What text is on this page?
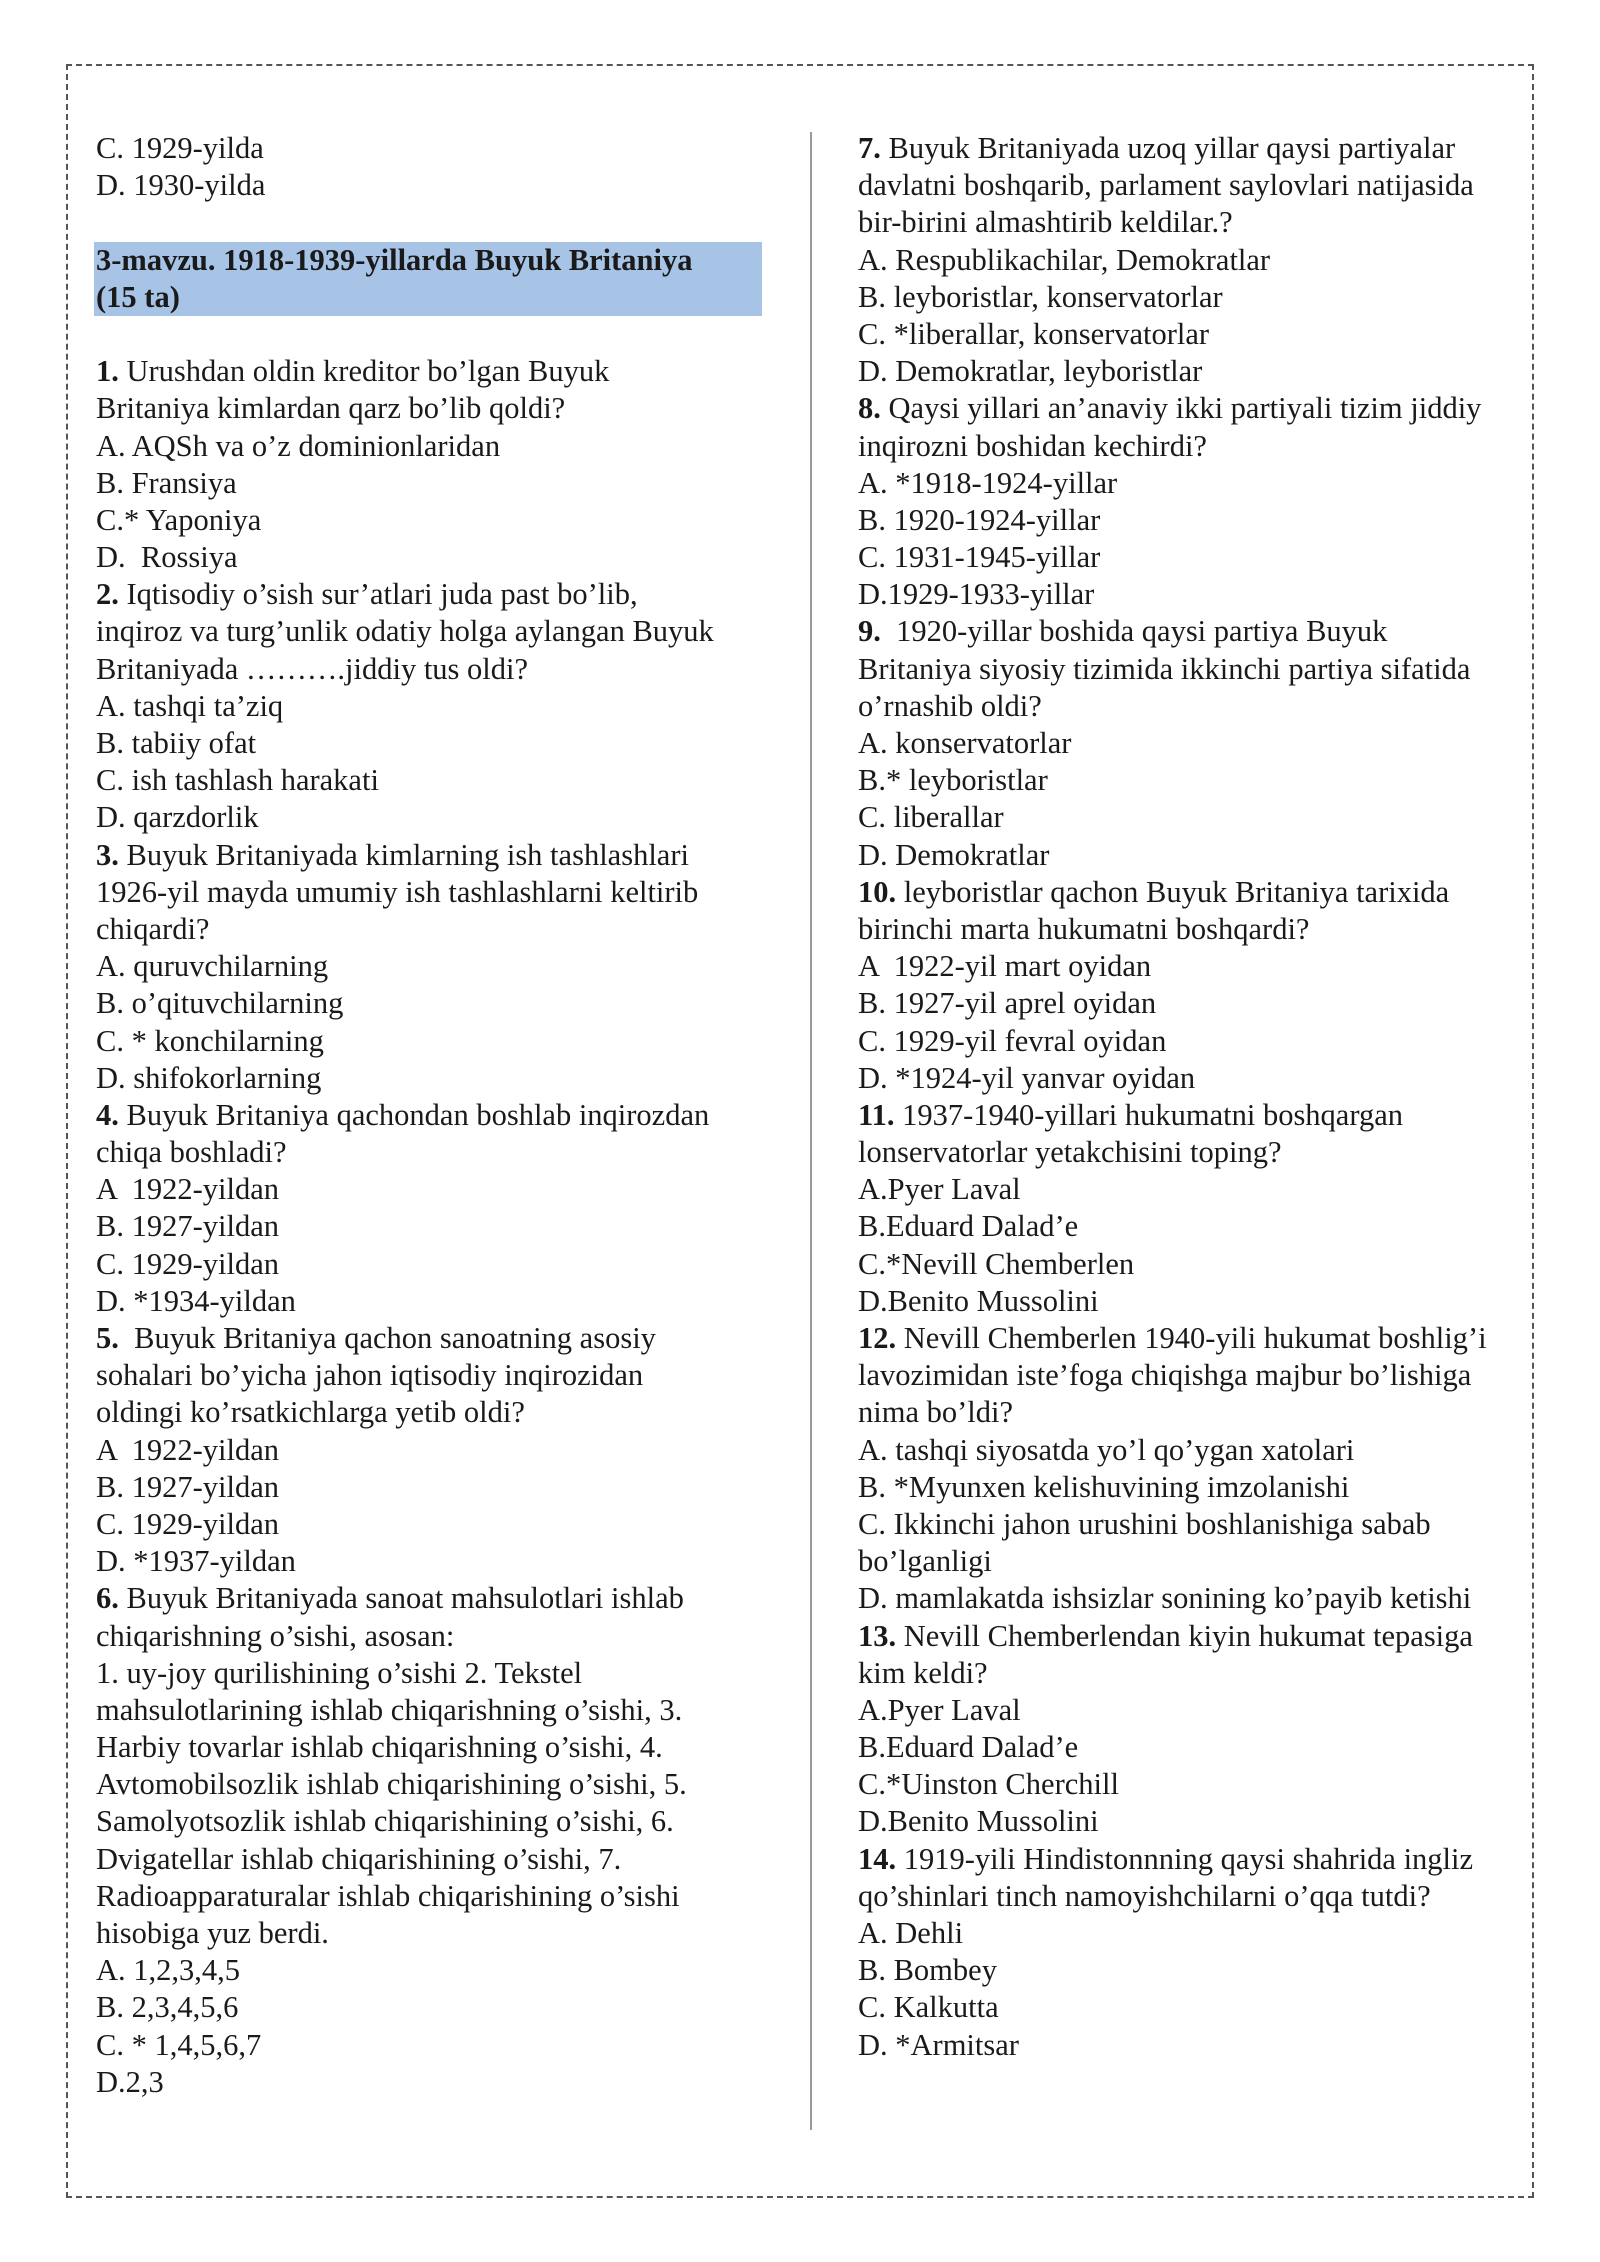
C. 1929-yilda
D. 1930-yilda
3-mavzu. 1918-1939-yillarda Buyuk Britaniya
(15 ta)
1. Urushdan oldin kreditor bo’lgan Buyuk
Britaniya kimlardan qarz bo’lib qoldi?
A. AQSh va o’z dominionlaridan
B. Fransiya
C.* Yaponiya
D.  Rossiya
2. Iqtisodiy o’sish sur’atlari juda past bo’lib,
inqiroz va turg’unlik odatiy holga aylangan Buyuk
Britaniyada ……….jiddiy tus oldi?
A. tashqi ta’ziq
B. tabiiy ofat
C. ish tashlash harakati
D. qarzdorlik
3. Buyuk Britaniyada kimlarning ish tashlashlari
1926-yil mayda umumiy ish tashlashlarni keltirib
chiqardi?
A. quruvchilarning
B. o’qituvchilarning
C. * konchilarning
D. shifokorlarning
4. Buyuk Britaniya qachondan boshlab inqirozdan
chiqa boshladi?
A  1922-yildan
B. 1927-yildan
C. 1929-yildan
D. *1934-yildan
5.  Buyuk Britaniya qachon sanoatning asosiy
sohalari bo’yicha jahon iqtisodiy inqirozidan
oldingi ko’rsatkichlarga yetib oldi?
A  1922-yildan
B. 1927-yildan
C. 1929-yildan
D. *1937-yildan
6. Buyuk Britaniyada sanoat mahsulotlari ishlab
chiqarishning o’sishi, asosan:
1. uy-joy qurilishining o’sishi 2. Tekstel
mahsulotlarining ishlab chiqarishning o’sishi, 3.
Harbiy tovarlar ishlab chiqarishning o’sishi, 4.
Avtomobilsozlik ishlab chiqarishining o’sishi, 5.
Samolyotsozlik ishlab chiqarishining o’sishi, 6.
Dvigatellar ishlab chiqarishining o’sishi, 7.
Radioapparaturalar ishlab chiqarishining o’sishi
hisobiga yuz berdi.
A. 1,2,3,4,5
B. 2,3,4,5,6
C. * 1,4,5,6,7
D.2,3
7. Buyuk Britaniyada uzoq yillar qaysi partiyalar
davlatni boshqarib, parlament saylovlari natijasida
bir-birini almashtirib keldilar.?
A. Respublikachilar, Demokratlar
B. leyboristlar, konservatorlar
C. *liberallar, konservatorlar
D. Demokratlar, leyboristlar
8. Qaysi yillari an’anaviy ikki partiyali tizim jiddiy
inqirozni boshidan kechirdi?
A. *1918-1924-yillar
B. 1920-1924-yillar
C. 1931-1945-yillar
D.1929-1933-yillar
9.  1920-yillar boshida qaysi partiya Buyuk
Britaniya siyosiy tizimida ikkinchi partiya sifatida
o’rnashib oldi?
A. konservatorlar
B.* leyboristlar
C. liberallar
D. Demokratlar
10. leyboristlar qachon Buyuk Britaniya tarixida
birinchi marta hukumatni boshqardi?
A  1922-yil mart oyidan
B. 1927-yil aprel oyidan
C. 1929-yil fevral oyidan
D. *1924-yil yanvar oyidan
11. 1937-1940-yillari hukumatni boshqargan
lonservatorlar yetakchisini toping?
A.Pyer Laval
B.Eduard Dalad’e
C.*Nevill Chemberlen
D.Benito Mussolini
12. Nevill Chemberlen 1940-yili hukumat boshlig’i
lavozimidan iste’foga chiqishga majbur bo’lishiga
nima bo’ldi?
A. tashqi siyosatda yo’l qo’ygan xatolari
B. *Myunxen kelishuvining imzolanishi
C. Ikkinchi jahon urushini boshlanishiga sabab
bo’lganligi
D. mamlakatda ishsizlar sonining ko’payib ketishi
13. Nevill Chemberlendan kiyin hukumat tepasiga
kim keldi?
A.Pyer Laval
B.Eduard Dalad’e
C.*Uinston Cherchill
D.Benito Mussolini
14. 1919-yili Hindistonnning qaysi shahrida ingliz
qo’shinlari tinch namoyishchilarni o’qqa tutdi?
A. Dehli
B. Bombey
C. Kalkutta
D. *Armitsar
